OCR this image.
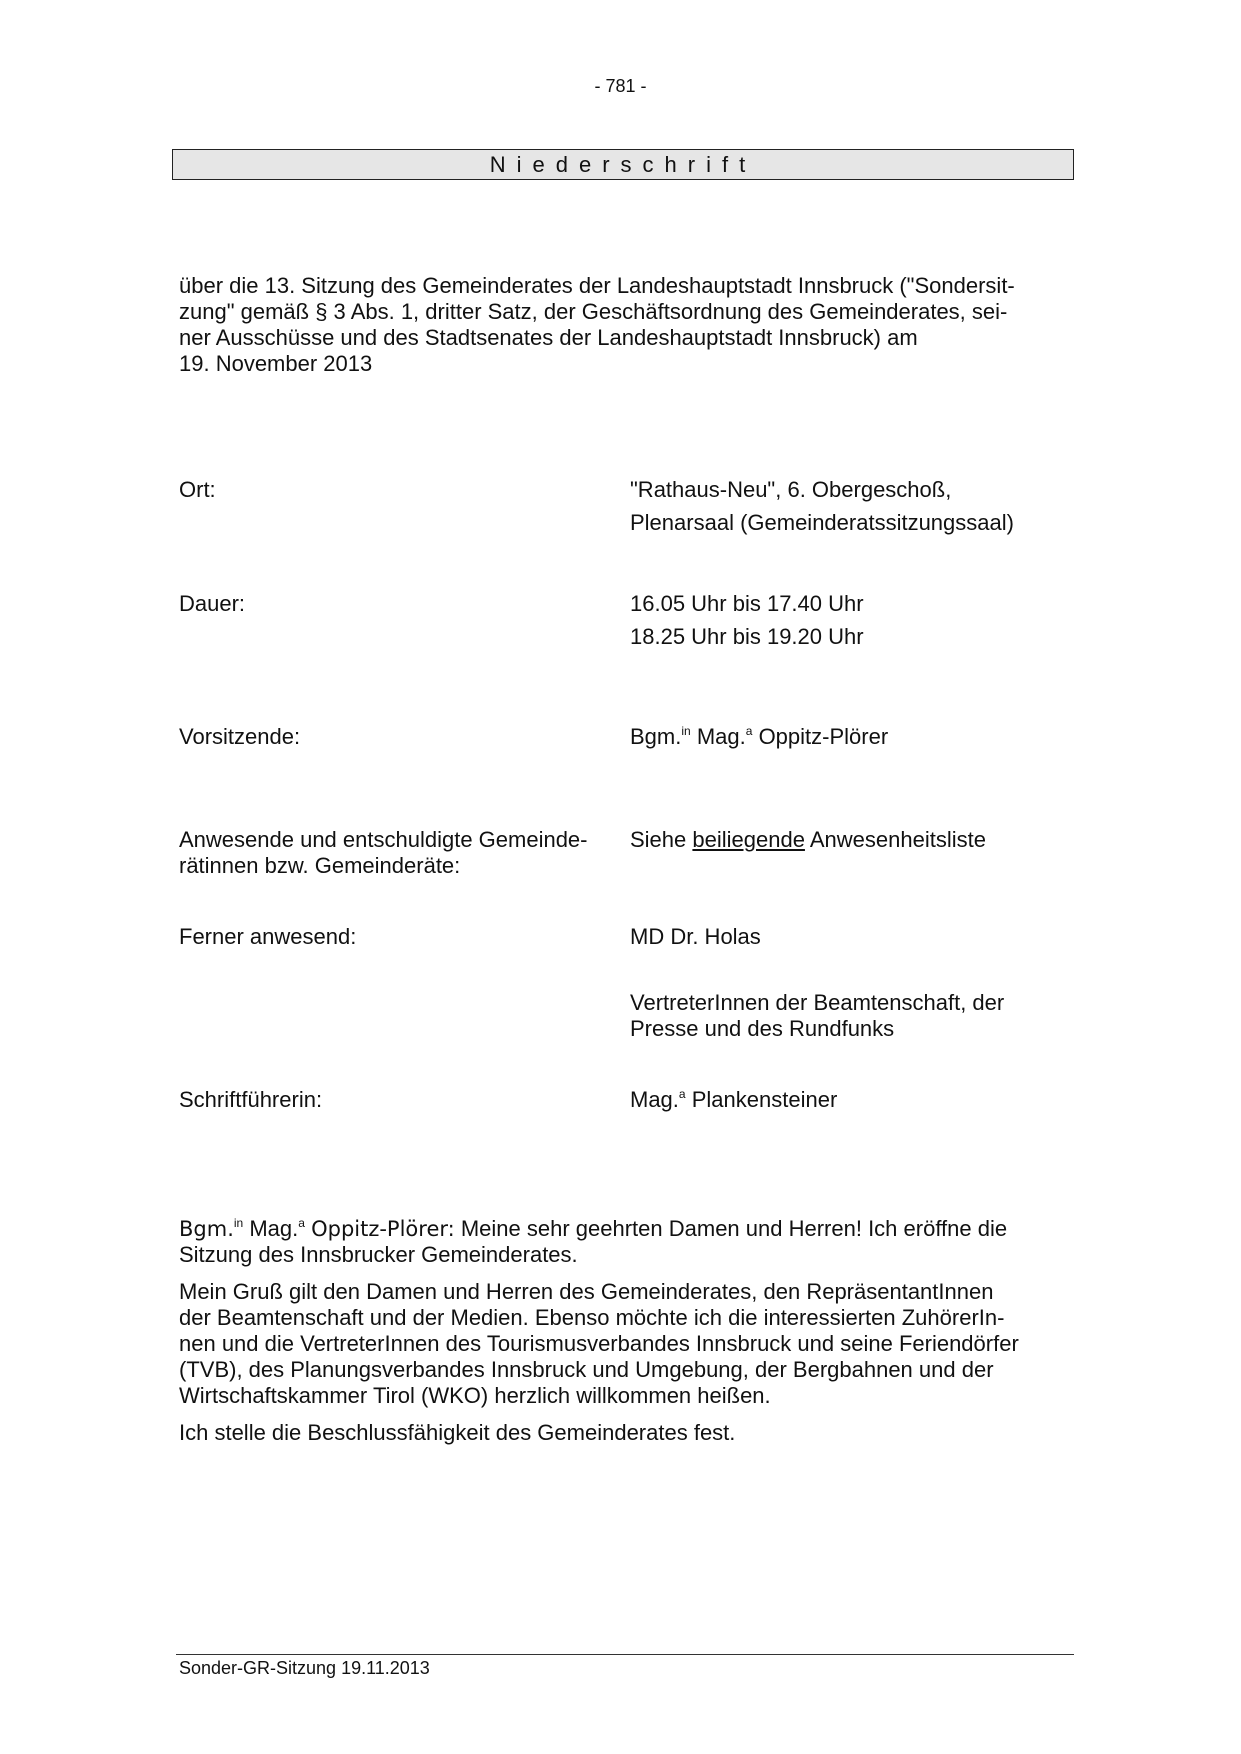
- 781 -
Niederschrift

über die 13. Sitzung des Gemeinderates der Landeshauptstadt Innsbruck ("Sondersit-

zung" gemäß § 3 Abs. 1, dritter Satz, der Geschäftsordnung des Gemeinderates, sei-

ner Ausschüsse und des Stadtsenates der Landeshauptstadt Innsbruck) am

19. November 2013

Ort:	"Rathaus-Neu", 6. Obergeschoß,

Plenarsaal (Gemeinderatssitzungssaal)

Dauer:	16.05 Uhr bis 17.40 Uhr

18.25 Uhr bis 19.20 Uhr

Vorsitzende:	Bgm.$^{in}$ Mag.$^a$ Oppitz-Plörer

Anwesende und entschuldigte Gemeinde-

rätinnen bzw. Gemeinderäte:

Siehe beiliegende Anwesenheitsliste
Ferner anwesend:	MD Dr. Holas

VertreterInnen der Beamtenschaft, der

Presse und des Rundfunks

Schriftführerin:	Mag.$^a$ Plankensteiner

Bgm.$^{in}$ Mag.$^a$ Oppitz-Plörer: Meine sehr geehrten Damen und Herren! Ich eröffne die
Sitzung des Innsbrucker Gemeinderates.

Mein Gruß gilt den Damen und Herren des Gemeinderates, den RepräsentantInnen
der Beamtenschaft und der Medien. Ebenso möchte ich die interessierten ZuhörerIn-
nen und die VertreterInnen des Tourismusverbandes Innsbruck und seine Feriendörfer
(TVB), des Planungsverbandes Innsbruck und Umgebung, der Bergbahnen und der
Wirtschaftskammer Tirol (WKO) herzlich willkommen heißen.

Ich stelle die Beschlussfähigkeit des Gemeinderates fest.

Sonder-GR-Sitzung 19.11.2013
